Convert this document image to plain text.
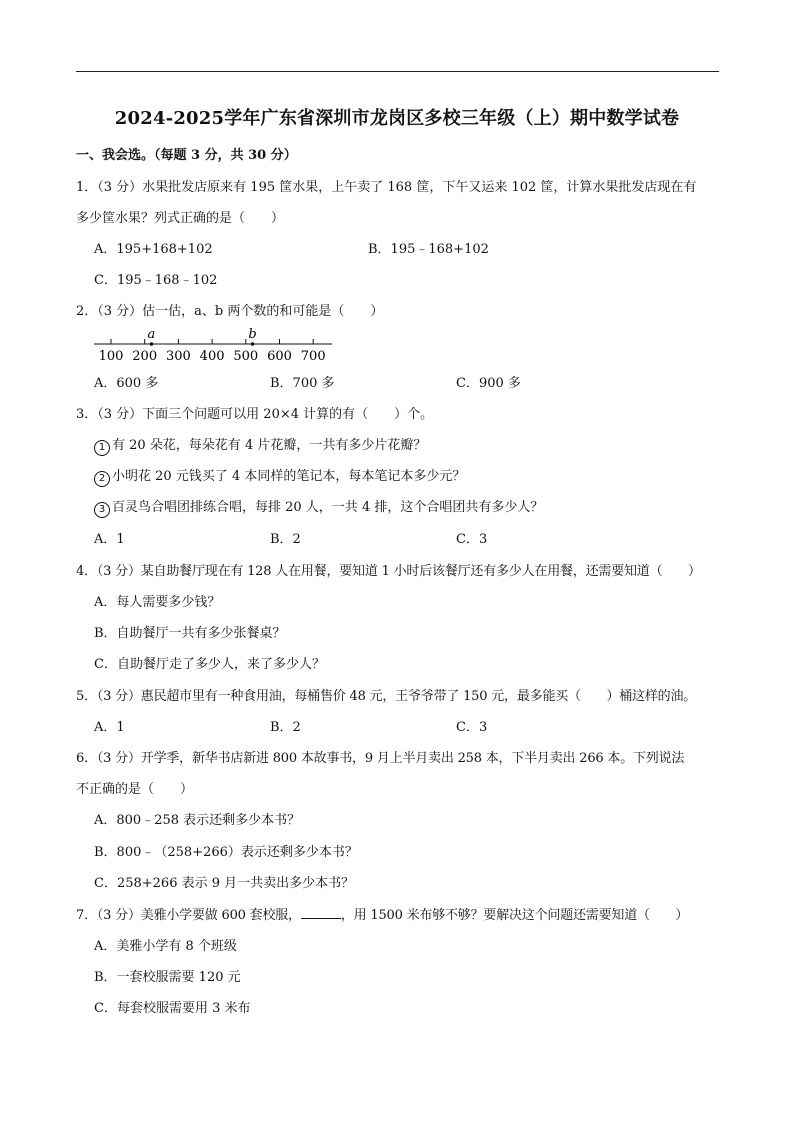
2024-2025学年广东省深圳市龙岗区多校三年级（上）期中数学试卷
一、我会选。（每题 3 分，共 30 分）
1．（3 分）水果批发店原来有 195 筐水果，上午卖了 168 筐，下午又运来 102 筐，计算水果批发店现在有
多少筐水果？列式正确的是（　　）
A．195+168+102	B．195﹣168+102
C．195﹣168﹣102
2．（3 分）估一估，a、b 两个数的和可能是（　　）
100 200 300 400 500 600 700
a	b
A．600 多	B．700 多	C．900 多
3．（3 分）下面三个问题可以用 20×4 计算的有（　　）个。
1 有 20 朵花，每朵花有 4 片花瓣，一共有多少片花瓣？
2 小明花 20 元钱买了 4 本同样的笔记本，每本笔记本多少元？
3 百灵鸟合唱团排练合唱，每排 20 人，一共 4 排，这个合唱团共有多少人？
A．1	B．2	C．3
4．（3 分）某自助餐厅现在有 128 人在用餐，要知道 1 小时后该餐厅还有多少人在用餐，还需要知道（　　）
A．每人需要多少钱？
B．自助餐厅一共有多少张餐桌？
C．自助餐厅走了多少人，来了多少人？
5．（3 分）惠民超市里有一种食用油，每桶售价 48 元，王爷爷带了 150 元，最多能买（　　）桶这样的油。
A．1	B．2	C．3
6．（3 分）开学季，新华书店新进 800 本故事书，9 月上半月卖出 258 本，下半月卖出 266 本。下列说法
不正确的是（　　）
A．800﹣258 表示还剩多少本书？
B．800﹣（258+266）表示还剩多少本书？
C．258+266 表示 9 月一共卖出多少本书？
7．（3 分）美雅小学要做 600 套校服，	，用 1500 米布够不够？要解决这个问题还需要知道（　　）
A．美雅小学有 8 个班级
B．一套校服需要 120 元
C．每套校服需要用 3 米布
